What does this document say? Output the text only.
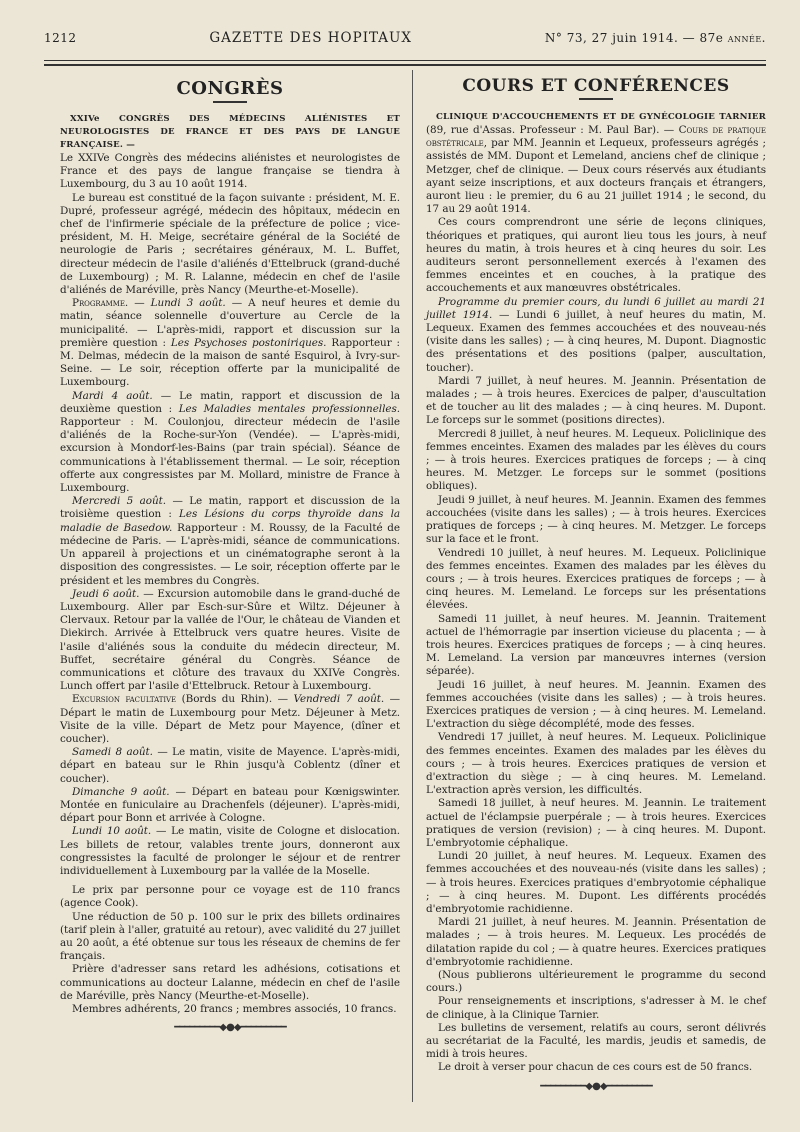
1212	GAZETTE DES HOPITAUX	N° 73, 27 juin 1914. — 87e année.
CONGRÈS
XXIVe CONGRÈS DES MÉDECINS ALIÉNISTES ET NEUROLOGISTES DE FRANCE ET DES PAYS DE LANGUE FRANÇAISE. —

Le XXIVe Congrès des médecins aliénistes et neurologistes de France et des pays de langue française se tiendra à Luxembourg, du 3 au 10 août 1914.

Le bureau est constitué de la façon suivante : président, M. E. Dupré, professeur agrégé, médecin des hôpitaux, médecin en chef de l'infirmerie spéciale de la préfecture de police ; vice-président, M. H. Meige, secrétaire général de la Société de neurologie de Paris ; secrétaires généraux, M. L. Buffet, directeur médecin de l'asile d'aliénés d'Ettelbruck (grand-duché de Luxembourg) ; M. R. Lalanne, médecin en chef de l'asile d'aliénés de Maréville, près Nancy (Meurthe-et-Moselle).

Programme. — Lundi 3 août. — A neuf heures et demie du matin, séance solennelle d'ouverture au Cercle de la municipalité. — L'après-midi, rapport et discussion sur la première question : Les Psychoses postoniriques. Rapporteur : M. Delmas, médecin de la maison de santé Esquirol, à Ivry-sur-Seine. — Le soir, réception offerte par la municipalité de Luxembourg.

Mardi 4 août. — Le matin, rapport et discussion de la deuxième question : Les Maladies mentales professionnelles. Rapporteur : M. Coulonjou, directeur médecin de l'asile d'aliénés de la Roche-sur-Yon (Vendée). — L'après-midi, excursion à Mondorf-les-Bains (par train spécial). Séance de communications à l'établissement thermal. — Le soir, réception offerte aux congressistes par M. Mollard, ministre de France à Luxembourg.

Mercredi 5 août. — Le matin, rapport et discussion de la troisième question : Les Lésions du corps thyroïde dans la maladie de Basedow. Rapporteur : M. Roussy, de la Faculté de médecine de Paris. — L'après-midi, séance de communications. Un appareil à projections et un cinématographe seront à la disposition des congressistes. — Le soir, réception offerte par le président et les membres du Congrès.

Jeudi 6 août. — Excursion automobile dans le grand-duché de Luxembourg. Aller par Esch-sur-Sûre et Wiltz. Déjeuner à Clervaux. Retour par la vallée de l'Our, le château de Vianden et Diekirch. Arrivée à Ettelbruck vers quatre heures. Visite de l'asile d'aliénés sous la conduite du médecin directeur, M. Buffet, secrétaire général du Congrès. Séance de communications et clôture des travaux du XXIVe Congrès. Lunch offert par l'asile d'Ettelbruck. Retour à Luxembourg.

Excursion facultative (Bords du Rhin). — Vendredi 7 août. — Départ le matin de Luxembourg pour Metz. Déjeuner à Metz. Visite de la ville. Départ de Metz pour Mayence, (dîner et coucher).

Samedi 8 août. — Le matin, visite de Mayence. L'après-midi, départ en bateau sur le Rhin jusqu'à Coblentz (dîner et coucher).

Dimanche 9 août. — Départ en bateau pour Kœnigswinter. Montée en funiculaire au Drachenfels (déjeuner). L'après-midi, départ pour Bonn et arrivée à Cologne.

Lundi 10 août. — Le matin, visite de Cologne et dislocation. Les billets de retour, valables trente jours, donneront aux congressistes la faculté de prolonger le séjour et de rentrer individuellement à Luxembourg par la vallée de la Moselle.

Le prix par personne pour ce voyage est de 110 francs (agence Cook).

Une réduction de 50 p. 100 sur le prix des billets ordinaires (tarif plein à l'aller, gratuité au retour), avec validité du 27 juillet au 20 août, a été obtenue sur tous les réseaux de chemins de fer français.

Prière d'adresser sans retard les adhésions, cotisations et communications au docteur Lalanne, médecin en chef de l'asile de Maréville, près Nancy (Meurthe-et-Moselle).

Membres adhérents, 20 francs ; membres associés, 10 francs.

━━━━━━━━━◆●◆━━━━━━━━━
COURS ET CONFÉRENCES

CLINIQUE D'ACCOUCHEMENTS ET DE GYNÉCOLOGIE TARNIER (89, rue d'Assas. Professeur : M. Paul Bar). — Cours de pratique obstétricale, par MM. Jeannin et Lequeux, professeurs agrégés ; assistés de MM. Dupont et Lemeland, anciens chef de clinique ; Metzger, chef de clinique. — Deux cours réservés aux étudiants ayant seize inscriptions, et aux docteurs français et étrangers, auront lieu : le premier, du 6 au 21 juillet 1914 ; le second, du 17 au 29 août 1914.

Ces cours comprendront une série de leçons cliniques, théoriques et pratiques, qui auront lieu tous les jours, à neuf heures du matin, à trois heures et à cinq heures du soir. Les auditeurs seront personnellement exercés à l'examen des femmes enceintes et en couches, à la pratique des accouchements et aux manœuvres obstétricales.

Programme du premier cours, du lundi 6 juillet au mardi 21 juillet 1914. — Lundi 6 juillet, à neuf heures du matin, M. Lequeux. Examen des femmes accouchées et des nouveau-nés (visite dans les salles) ; — à cinq heures, M. Dupont. Diagnostic des présentations et des positions (palper, auscultation, toucher).

Mardi 7 juillet, à neuf heures. M. Jeannin. Présentation de malades ; — à trois heures. Exercices de palper, d'auscultation et de toucher au lit des malades ; — à cinq heures. M. Dupont. Le forceps sur le sommet (positions directes).

Mercredi 8 juillet, à neuf heures. M. Lequeux. Policlinique des femmes enceintes. Examen des malades par les élèves du cours ; — à trois heures. Exercices pratiques de forceps ; — à cinq heures. M. Metzger. Le forceps sur le sommet (positions obliques).

Jeudi 9 juillet, à neuf heures. M. Jeannin. Examen des femmes accouchées (visite dans les salles) ; — à trois heures. Exercices pratiques de forceps ; — à cinq heures. M. Metzger. Le forceps sur la face et le front.

Vendredi 10 juillet, à neuf heures. M. Lequeux. Policlinique des femmes enceintes. Examen des malades par les élèves du cours ; — à trois heures. Exercices pratiques de forceps ; — à cinq heures. M. Lemeland. Le forceps sur les présentations élevées.

Samedi 11 juillet, à neuf heures. M. Jeannin. Traitement actuel de l'hémorragie par insertion vicieuse du placenta ; — à trois heures. Exercices pratiques de forceps ; — à cinq heures. M. Lemeland. La version par manœuvres internes (version séparée).

Jeudi 16 juillet, à neuf heures. M. Jeannin. Examen des femmes accouchées (visite dans les salles) ; — à trois heures. Exercices pratiques de version ; — à cinq heures. M. Lemeland. L'extraction du siège décomplété, mode des fesses.

Vendredi 17 juillet, à neuf heures. M. Lequeux. Policlinique des femmes enceintes. Examen des malades par les élèves du cours ; — à trois heures. Exercices pratiques de version et d'extraction du siège ; — à cinq heures. M. Lemeland. L'extraction après version, les difficultés.

Samedi 18 juillet, à neuf heures. M. Jeannin. Le traitement actuel de l'éclampsie puerpérale ; — à trois heures. Exercices pratiques de version (revision) ; — à cinq heures. M. Dupont. L'embryotomie céphalique.

Lundi 20 juillet, à neuf heures. M. Lequeux. Examen des femmes accouchées et des nouveau-nés (visite dans les salles) ; — à trois heures. Exercices pratiques d'embryotomie céphalique ; — à cinq heures. M. Dupont. Les différents procédés d'embryotomie rachidienne.

Mardi 21 juillet, à neuf heures. M. Jeannin. Présentation de malades ; — à trois heures. M. Lequeux. Les procédés de dilatation rapide du col ; — à quatre heures. Exercices pratiques d'embryotomie rachidienne.

(Nous publierons ultérieurement le programme du second cours.)

Pour renseignements et inscriptions, s'adresser à M. le chef de clinique, à la Clinique Tarnier.

Les bulletins de versement, relatifs au cours, seront délivrés au secrétariat de la Faculté, les mardis, jeudis et samedis, de midi à trois heures.

Le droit à verser pour chacun de ces cours est de 50 francs.

━━━━━━━━━◆●◆━━━━━━━━━
